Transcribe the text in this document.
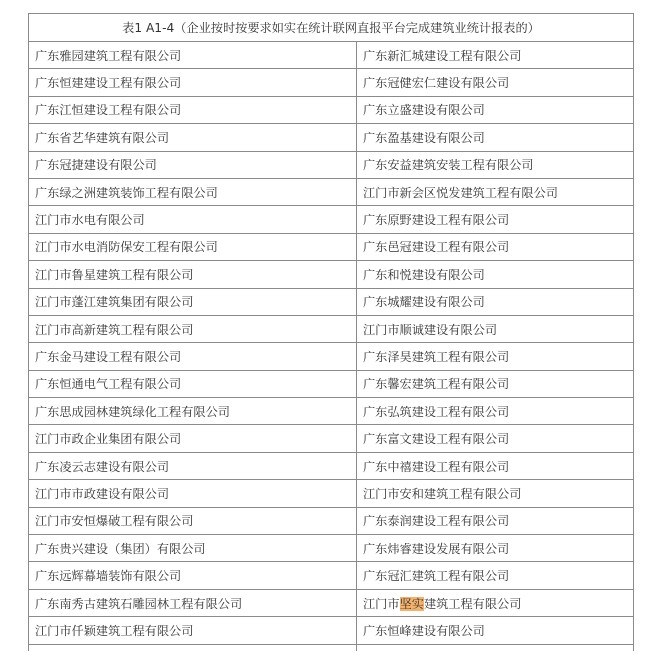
表1 A1-4（企业按时按要求如实在统计联网直报平台完成建筑业统计报表的）	
广东雅园建筑工程有限公司	广东新汇城建设工程有限公司
广东恒建建设工程有限公司	广东冠健宏仁建设有限公司
广东江恒建设工程有限公司	广东立盛建设有限公司
广东省艺华建筑有限公司	广东盈基建设有限公司
广东冠捷建设有限公司	广东安益建筑安装工程有限公司
广东绿之洲建筑装饰工程有限公司	江门市新会区悦发建筑工程有限公司
江门市水电有限公司	广东原野建设工程有限公司
江门市水电消防保安工程有限公司	广东邑冠建设工程有限公司
江门市鲁星建筑工程有限公司	广东和悦建设有限公司
江门市蓬江建筑集团有限公司	广东城耀建设有限公司
江门市高新建筑工程有限公司	江门市顺诚建设有限公司
广东金马建设工程有限公司	广东泽昊建筑工程有限公司
广东恒通电气工程有限公司	广东馨宏建筑工程有限公司
广东思成园林建筑绿化工程有限公司	广东弘筑建设工程有限公司
江门市政企业集团有限公司	广东富文建设工程有限公司
广东凌云志建设有限公司	广东中禧建设工程有限公司
江门市市政建设有限公司	江门市安和建筑工程有限公司
江门市安恒爆破工程有限公司	广东泰润建设工程有限公司
广东贵兴建设（集团）有限公司	广东炜睿建设发展有限公司
广东远辉幕墙装饰有限公司	广东冠汇建筑工程有限公司
广东南秀古建筑石雕园林工程有限公司	江门市坚实建筑工程有限公司
江门市仟颖建筑工程有限公司	广东恒峰建设有限公司
